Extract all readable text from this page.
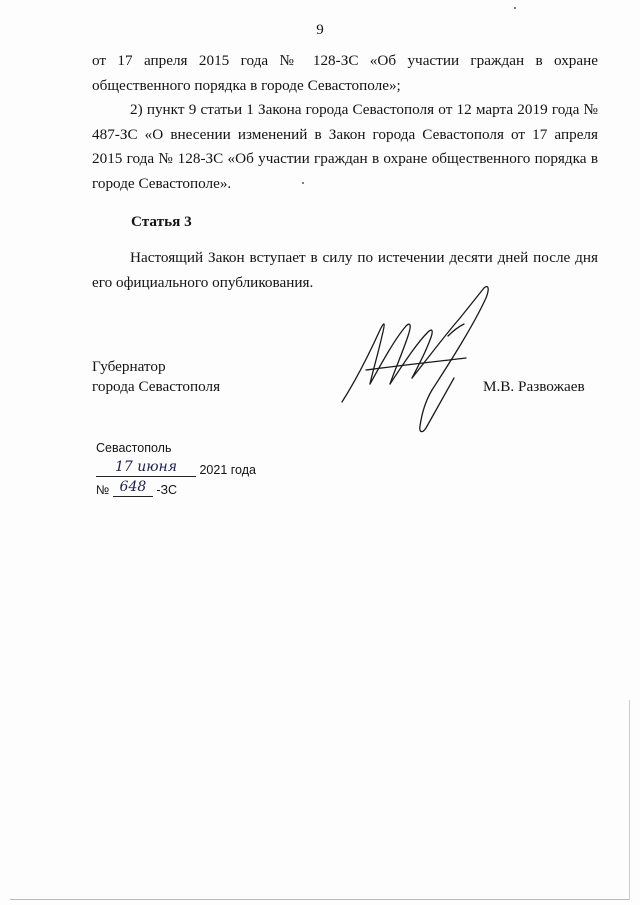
9
от 17 апреля 2015 года № 128-ЗС «Об участии граждан в охране общественного порядка в городе Севастополе»;
2) пункт 9 статьи 1 Закона города Севастополя от 12 марта 2019 года № 487-ЗС «О внесении изменений в Закон города Севастополя от 17 апреля 2015 года № 128-ЗС «Об участии граждан в охране общественного порядка в городе Севастополе».
Статья 3
Настоящий Закон вступает в силу по истечении десяти дней после дня его официального опубликования.
Губернатор
города Севастополя	М.В. Развожаев
Севастополь
17 июня 2021 года
№ 648 -ЗС
